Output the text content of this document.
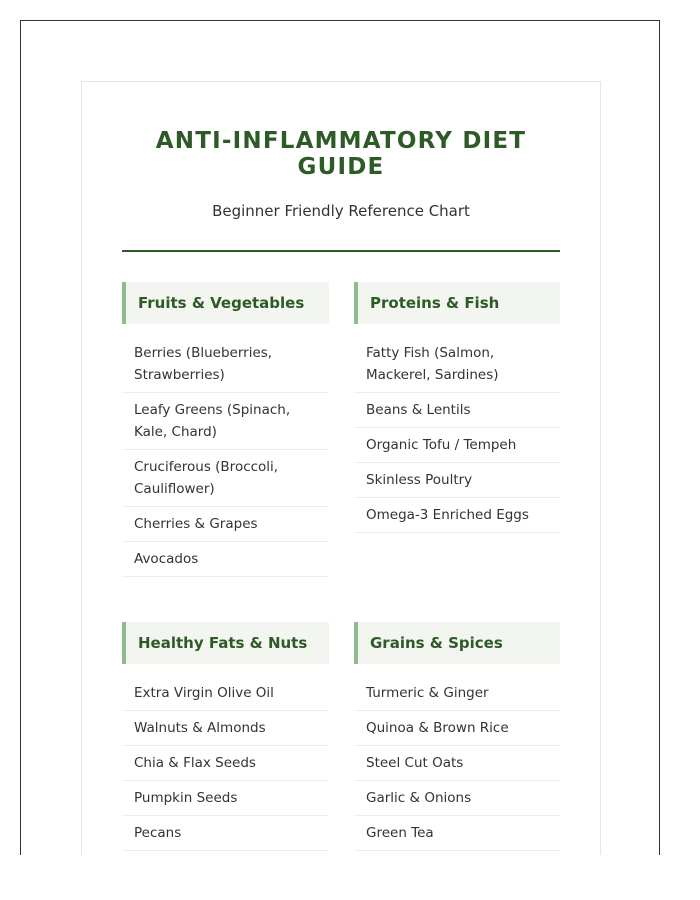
ANTI-INFLAMMATORY DIET GUIDE
Beginner Friendly Reference Chart
Fruits & Vegetables
Berries (Blueberries, Strawberries)
Leafy Greens (Spinach, Kale, Chard)
Cruciferous (Broccoli, Cauliflower)
Cherries & Grapes
Avocados
Proteins & Fish
Fatty Fish (Salmon, Mackerel, Sardines)
Beans & Lentils
Organic Tofu / Tempeh
Skinless Poultry
Omega-3 Enriched Eggs
Healthy Fats & Nuts
Extra Virgin Olive Oil
Walnuts & Almonds
Chia & Flax Seeds
Pumpkin Seeds
Pecans
Grains & Spices
Turmeric & Ginger
Quinoa & Brown Rice
Steel Cut Oats
Garlic & Onions
Green Tea
